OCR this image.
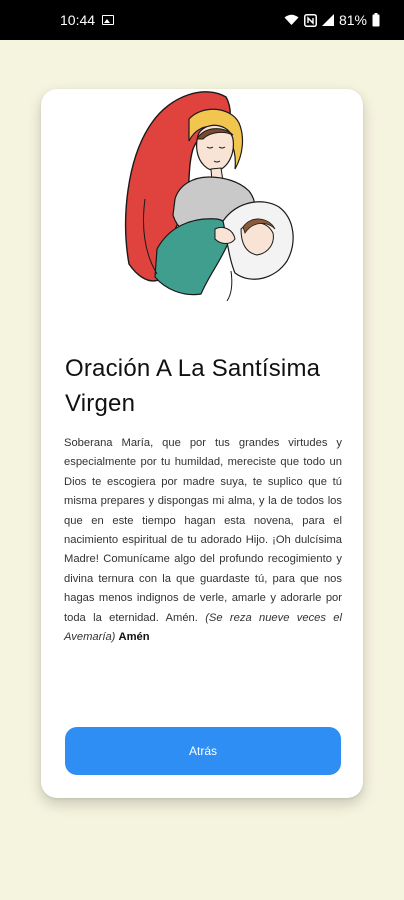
10:44	81%
Oración A La Santísima Virgen

Soberana María, que por tus grandes virtudes y especialmente por tu humildad, mereciste que todo un Dios te escogiera por madre suya, te suplico que tú misma prepares y dispongas mi alma, y la de todos los que en este tiempo hagan esta novena, para el nacimiento espiritual de tu adorado Hijo. ¡Oh dulcísima Madre! Comunícame algo del profundo recogimiento y divina ternura con la que guardaste tú, para que nos hagas menos indignos de verle, amarle y adorarle por toda la eternidad. Amén. (Se reza nueve veces el Avemaría) Amén

Atrás
